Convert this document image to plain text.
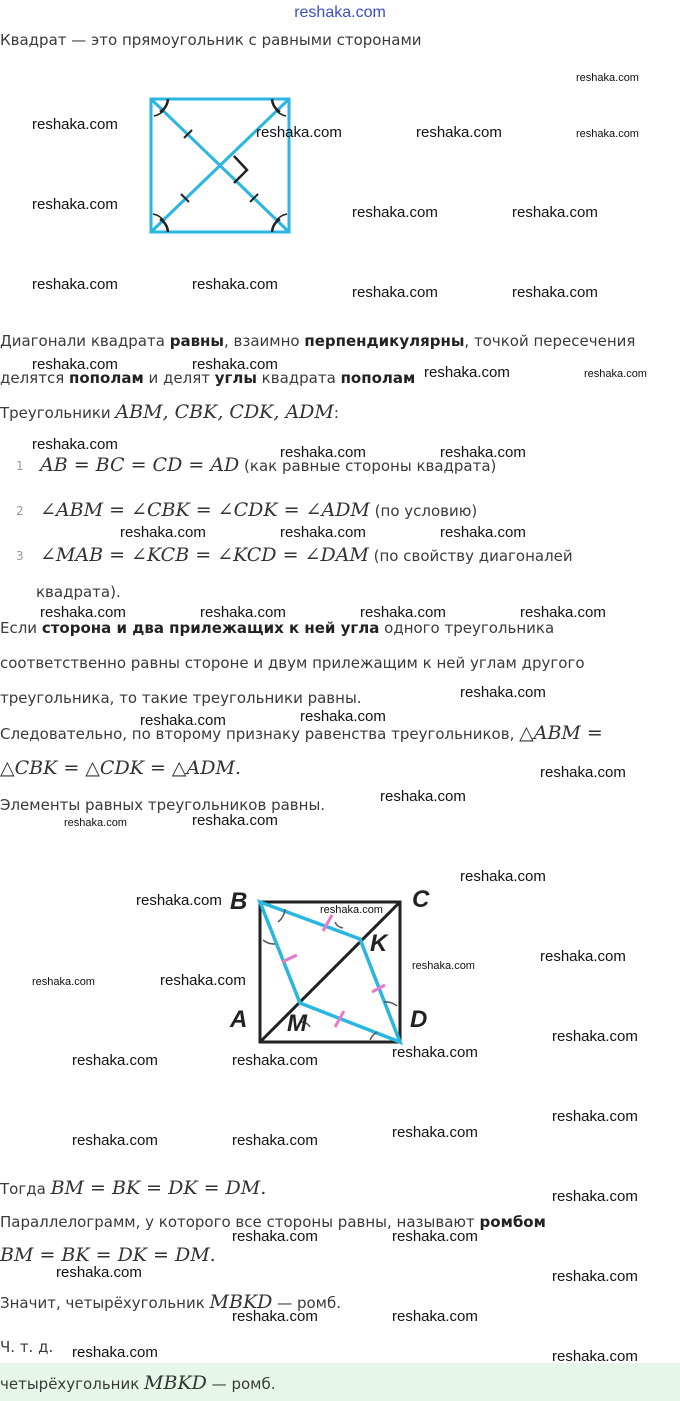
reshaka.com
Квадрат — это прямоугольник с равными сторонами
Диагонали квадрата равны, взаимно перпендикулярны, точкой пересечения
делятся пополам и делят углы квадрата пополам
Треугольники ABM, CBK, CDK, ADM:
1 AB = BC = CD = AD (как равные стороны квадрата)
2 ∠ABM = ∠CBK = ∠CDK = ∠ADM (по условию)
3 ∠MAB = ∠KCB = ∠KCD = ∠DAM (по свойству диагоналей
квадрата).
Если сторона и два прилежащих к ней угла одного треугольника
соответственно равны стороне и двум прилежащим к ней углам другого
треугольника, то такие треугольники равны.
Следовательно, по второму признаку равенства треугольников, △ABM =
△CBK = △CDK = △ADM.
Элементы равных треугольников равны.
B	C
K
A M	D
Тогда BM = BK = DK = DM.
Параллелограмм, у которого все стороны равны, называют ромбом
BM = BK = DK = DM.
Значит, четырёхугольник MBKD — ромб.
Ч. т. д.
четырёхугольник MBKD — ромб.
reshaka.com
reshaka.com	reshaka.com	reshaka.com	reshaka.com
reshaka.com	reshaka.com	reshaka.com
reshaka.com	reshaka.com	reshaka.com	reshaka.com
reshaka.com	reshaka.com	reshaka.com	reshaka.com
reshaka.com	reshaka.com	reshaka.com
reshaka.com	reshaka.com	reshaka.com
reshaka.com	reshaka.com	reshaka.com	reshaka.com
reshaka.com
reshaka.com	reshaka.com
reshaka.com
reshaka.com
reshaka.com	reshaka.com
reshaka.com
reshaka.com
reshaka.com
reshaka.com
reshaka.com
reshaka.com
reshaka.com
reshaka.com
reshaka.com
reshaka.com	reshaka.com
reshaka.com
reshaka.com
reshaka.com	reshaka.com
reshaka.com
reshaka.com	reshaka.com
reshaka.com	reshaka.com
reshaka.com	reshaka.com
reshaka.com	reshaka.com
